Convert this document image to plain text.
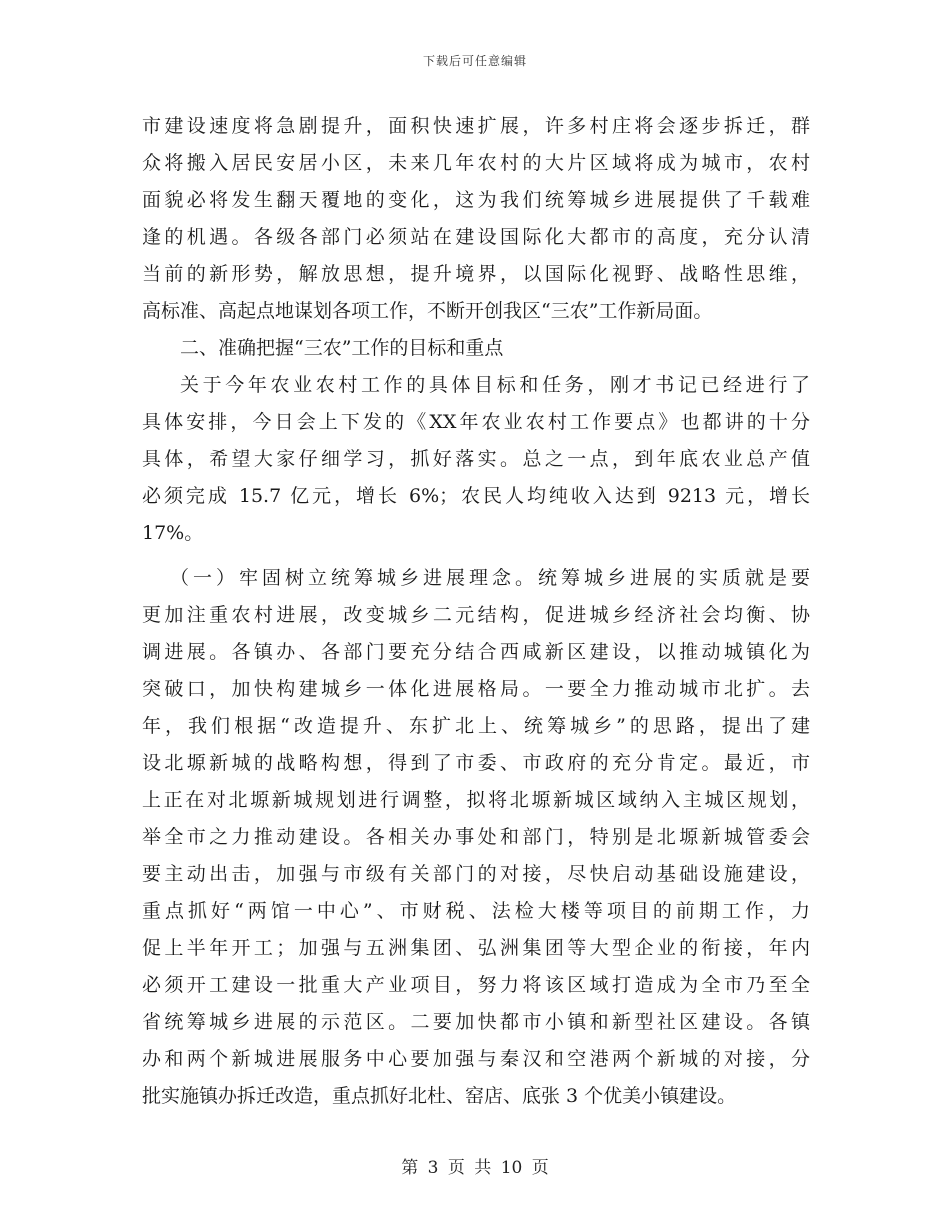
下载后可任意编辑
市建设速度将急剧提升，面积快速扩展，许多村庄将会逐步拆迁，群
众将搬入居民安居小区，未来几年农村的大片区域将成为城市，农村
面貌必将发生翻天覆地的变化，这为我们统筹城乡进展提供了千载难
逢的机遇。各级各部门必须站在建设国际化大都市的高度，充分认清
当前的新形势，解放思想，提升境界，以国际化视野、战略性思维，
高标准、高起点地谋划各项工作，不断开创我区“三农”工作新局面。
二、准确把握“三农”工作的目标和重点
关于今年农业农村工作的具体目标和任务，刚才书记已经进行了
具体安排，今日会上下发的《XX年农业农村工作要点》也都讲的十分
具体，希望大家仔细学习，抓好落实。总之一点，到年底农业总产值
必须完成 15.7 亿元，增长 6%；农民人均纯收入达到 9213 元，增长
17%。
（一）牢固树立统筹城乡进展理念。统筹城乡进展的实质就是要
更加注重农村进展，改变城乡二元结构，促进城乡经济社会均衡、协
调进展。各镇办、各部门要充分结合西咸新区建设，以推动城镇化为
突破口，加快构建城乡一体化进展格局。一要全力推动城市北扩。去
年，我们根据“改造提升、东扩北上、统筹城乡”的思路，提出了建
设北塬新城的战略构想，得到了市委、市政府的充分肯定。最近，市
上正在对北塬新城规划进行调整，拟将北塬新城区域纳入主城区规划，
举全市之力推动建设。各相关办事处和部门，特别是北塬新城管委会
要主动出击，加强与市级有关部门的对接，尽快启动基础设施建设，
重点抓好“两馆一中心”、市财税、法检大楼等项目的前期工作，力
促上半年开工；加强与五洲集团、弘洲集团等大型企业的衔接，年内
必须开工建设一批重大产业项目，努力将该区域打造成为全市乃至全
省统筹城乡进展的示范区。二要加快都市小镇和新型社区建设。各镇
办和两个新城进展服务中心要加强与秦汉和空港两个新城的对接，分
批实施镇办拆迁改造，重点抓好北杜、窑店、底张 3 个优美小镇建设。
第 3 页 共 10 页
